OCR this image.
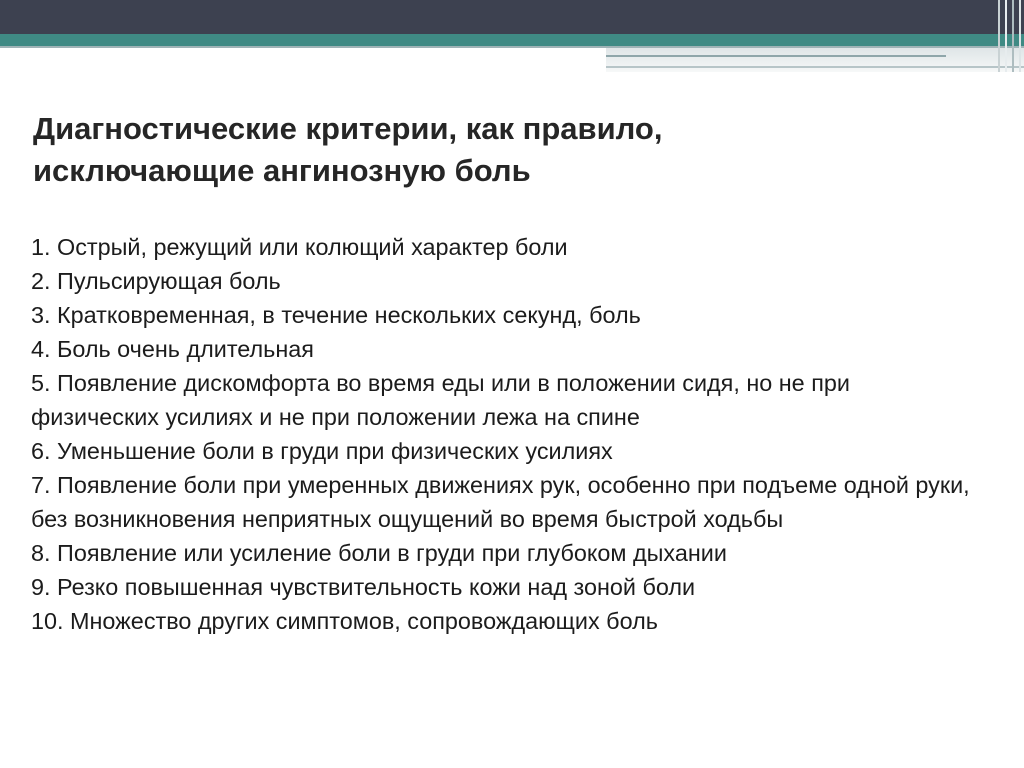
Диагностические критерии, как правило,
исключающие ангинозную боль
1. Острый, режущий или колющий характер боли
2. Пульсирующая боль
3. Кратковременная, в течение нескольких секунд, боль
4. Боль очень длительная
5. Появление дискомфорта во время еды или в положении сидя, но не при физических усилиях и не при положении лежа на спине
6. Уменьшение боли в груди при физических усилиях
7. Появление боли при умеренных движениях рук, особенно при подъеме одной руки, без возникновения неприятных ощущений во время быстрой ходьбы
8. Появление или усиление боли в груди при глубоком дыхании
9. Резко повышенная чувствительность кожи над зоной боли
10. Множество других симптомов, сопровождающих боль
